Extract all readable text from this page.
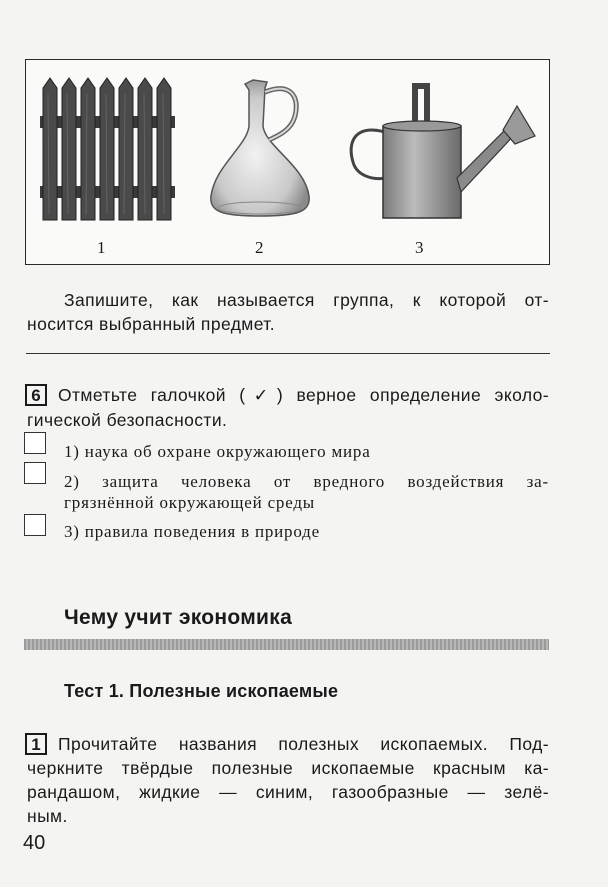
1	2	3
Запишите, как называется группа, к которой от-
носится выбранный предмет.
6 Отметьте галочкой (✓) верное определение эколо-
гической безопасности.
1) наука об охране окружающего мира
2) защита человека от вредного воздействия за-
грязнённой окружающей среды
3) правила поведения в природе
Чему учит экономика
Тест 1. Полезные ископаемые
1 Прочитайте названия полезных ископаемых. Под-
черкните твёрдые полезные ископаемые красным ка-
рандашом, жидкие — синим, газообразные — зелё-
ным.
40
